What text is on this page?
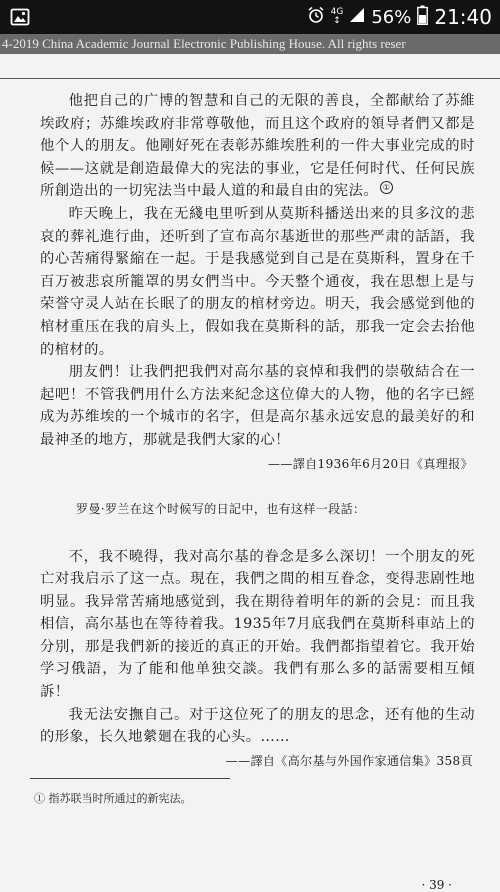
4G
↕ 56% 21:40
4-2019 China Academic Journal Electronic Publishing House. All rights reser

他把自己的广博的智慧和自己的无限的善良，全都献给了苏維埃政府；苏維埃政府非常尊敬他，而且这个政府的領导者們又都是他个人的朋友。他剛好死在表彰苏維埃胜利的一件大事业完成的时候——这就是創造最偉大的宪法的事业，它是任何时代、任何民族所創造出的一切宪法当中最人道的和最自由的宪法。 ①

昨天晚上，我在无綫电里听到从莫斯科播送出来的貝多汶的悲哀的葬礼進行曲，还听到了宣布高尔基逝世的那些严肃的話語，我的心苦痛得緊縮在一起。于是我感觉到自己是在莫斯科，置身在千百万被悲哀所籠罩的男女們当中。今天整个通夜，我在思想上是与荣誉守灵人站在长眠了的朋友的棺材旁边。明天，我会感觉到他的棺材重压在我的肩头上，假如我在莫斯科的話，那我一定会去抬他的棺材的。

朋友們！让我們把我們对高尔基的哀悼和我們的崇敬結合在一起吧！不管我們用什么方法来紀念这位偉大的人物，他的名字已經成为苏维埃的一个城市的名字，但是高尔基永远安息的最美好的和最神圣的地方，那就是我們大家的心！

——譯自1936年6月20日《真理报》

罗曼·罗兰在这个时候写的日記中，也有这样一段話：

不，我不曉得，我对高尔基的眷念是多么深切！一个朋友的死亡对我启示了这一点。現在，我們之間的相互眷念，变得悲剧性地明显。我异常苦痛地感觉到，我在期待着明年的新的会見：而且我相信，高尔基也在等待着我。1935年7月底我們在莫斯科車站上的分別，那是我們新的接近的真正的开始。我們都指望着它。我开始学习俄語，为了能和他单独交談。我們有那么多的話需要相互傾訴！

我无法安撫自己。对于这位死了的朋友的思念，还有他的生动的形象，长久地縈廻在我的心头。……

——譯自《高尔基与外国作家通信集》358頁

① 指苏联当时所通过的新宪法。
· 39 ·
